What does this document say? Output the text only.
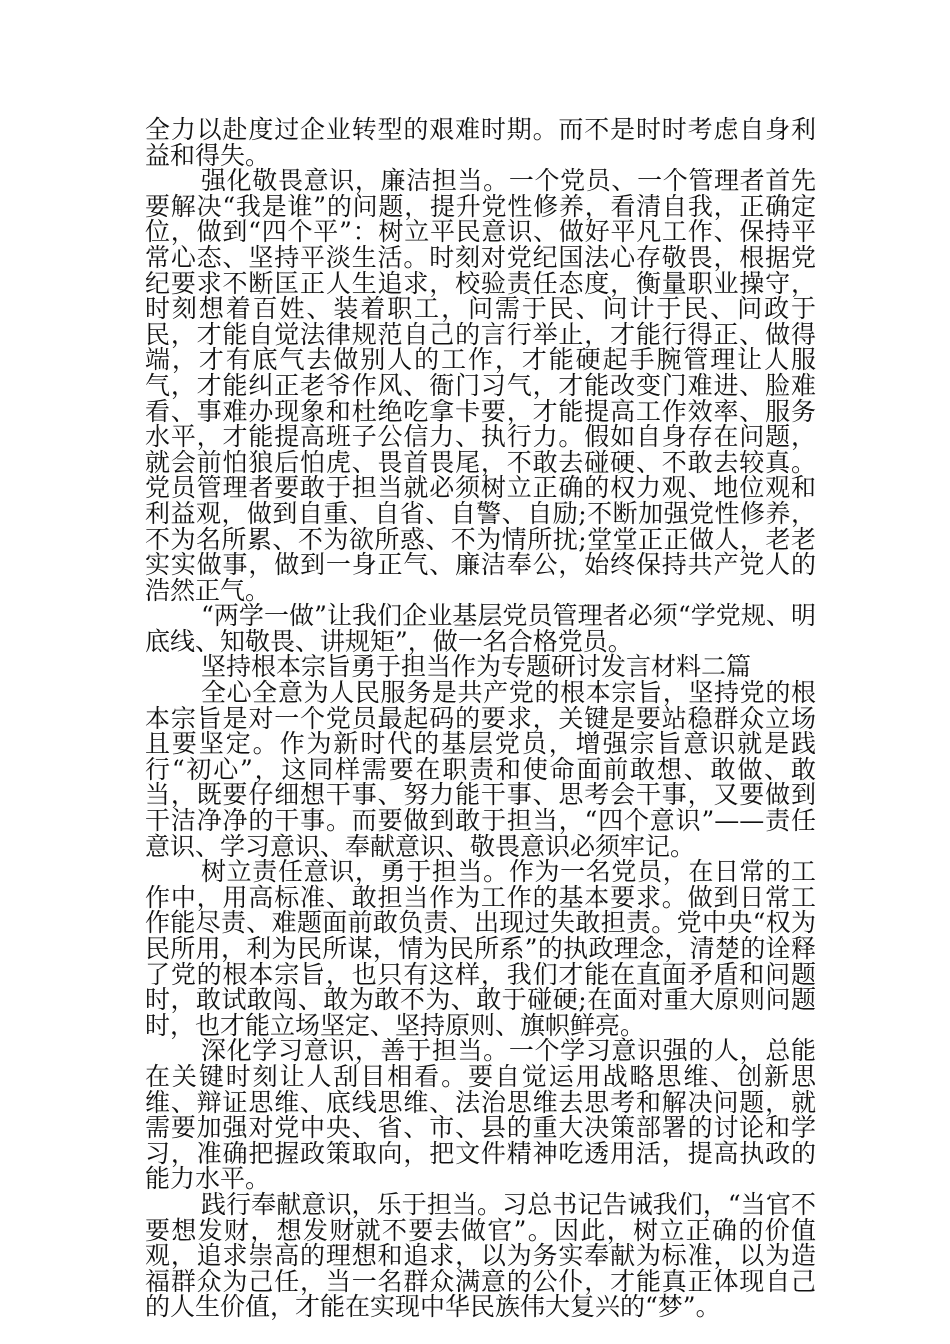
全力以赴度过企业转型的艰难时期。而不是时时考虑自身利益和得失。

强化敬畏意识，廉洁担当。一个党员、一个管理者首先要解决“我是谁”的问题，提升党性修养，看清自我，正确定位，做到“四个平”：树立平民意识、做好平凡工作、保持平常心态、坚持平淡生活。时刻对党纪国法心存敬畏，根据党纪要求不断匡正人生追求，校验责任态度，衡量职业操守，时刻想着百姓、装着职工，问需于民、问计于民、问政于民，才能自觉法律规范自己的言行举止，才能行得正、做得端，才有底气去做别人的工作，才能硬起手腕管理让人服气，才能纠正老爷作风、衙门习气，才能改变门难进、脸难看、事难办现象和杜绝吃拿卡要，才能提高工作效率、服务水平，才能提高班子公信力、执行力。假如自身存在问题，就会前怕狼后怕虎、畏首畏尾，不敢去碰硬、不敢去较真。党员管理者要敢于担当就必须树立正确的权力观、地位观和利益观，做到自重、自省、自警、自励;不断加强党性修养，不为名所累、不为欲所惑、不为情所扰;堂堂正正做人，老老实实做事，做到一身正气、廉洁奉公，始终保持共产党人的浩然正气。

“两学一做”让我们企业基层党员管理者必须“学党规、明底线、知敬畏、讲规矩”，做一名合格党员。

坚持根本宗旨勇于担当作为专题研讨发言材料二篇

全心全意为人民服务是共产党的根本宗旨，坚持党的根本宗旨是对一个党员最起码的要求，关键是要站稳群众立场且要坚定。作为新时代的基层党员，增强宗旨意识就是践行“初心”，这同样需要在职责和使命面前敢想、敢做、敢当，既要仔细想干事、努力能干事、思考会干事，又要做到干洁净净的干事。而要做到敢于担当，“四个意识”——责任意识、学习意识、奉献意识、敬畏意识必须牢记。

树立责任意识，勇于担当。作为一名党员，在日常的工作中，用高标准、敢担当作为工作的基本要求。做到日常工作能尽责、难题面前敢负责、出现过失敢担责。党中央“权为民所用，利为民所谋，情为民所系”的执政理念，清楚的诠释了党的根本宗旨，也只有这样，我们才能在直面矛盾和问题时，敢试敢闯、敢为敢不为、敢于碰硬;在面对重大原则问题时，也才能立场坚定、坚持原则、旗帜鲜亮。

深化学习意识，善于担当。一个学习意识强的人，总能在关键时刻让人刮目相看。要自觉运用战略思维、创新思维、辩证思维、底线思维、法治思维去思考和解决问题，就需要加强对党中央、省、市、县的重大决策部署的讨论和学习，准确把握政策取向，把文件精神吃透用活，提高执政的能力水平。

践行奉献意识，乐于担当。习总书记告诫我们，“当官不要想发财，想发财就不要去做官”。因此，树立正确的价值观，追求崇高的理想和追求，以为务实奉献为标准，以为造福群众为己任，当一名群众满意的公仆，才能真正体现自己的人生价值，才能在实现中华民族伟大复兴的“梦”。
